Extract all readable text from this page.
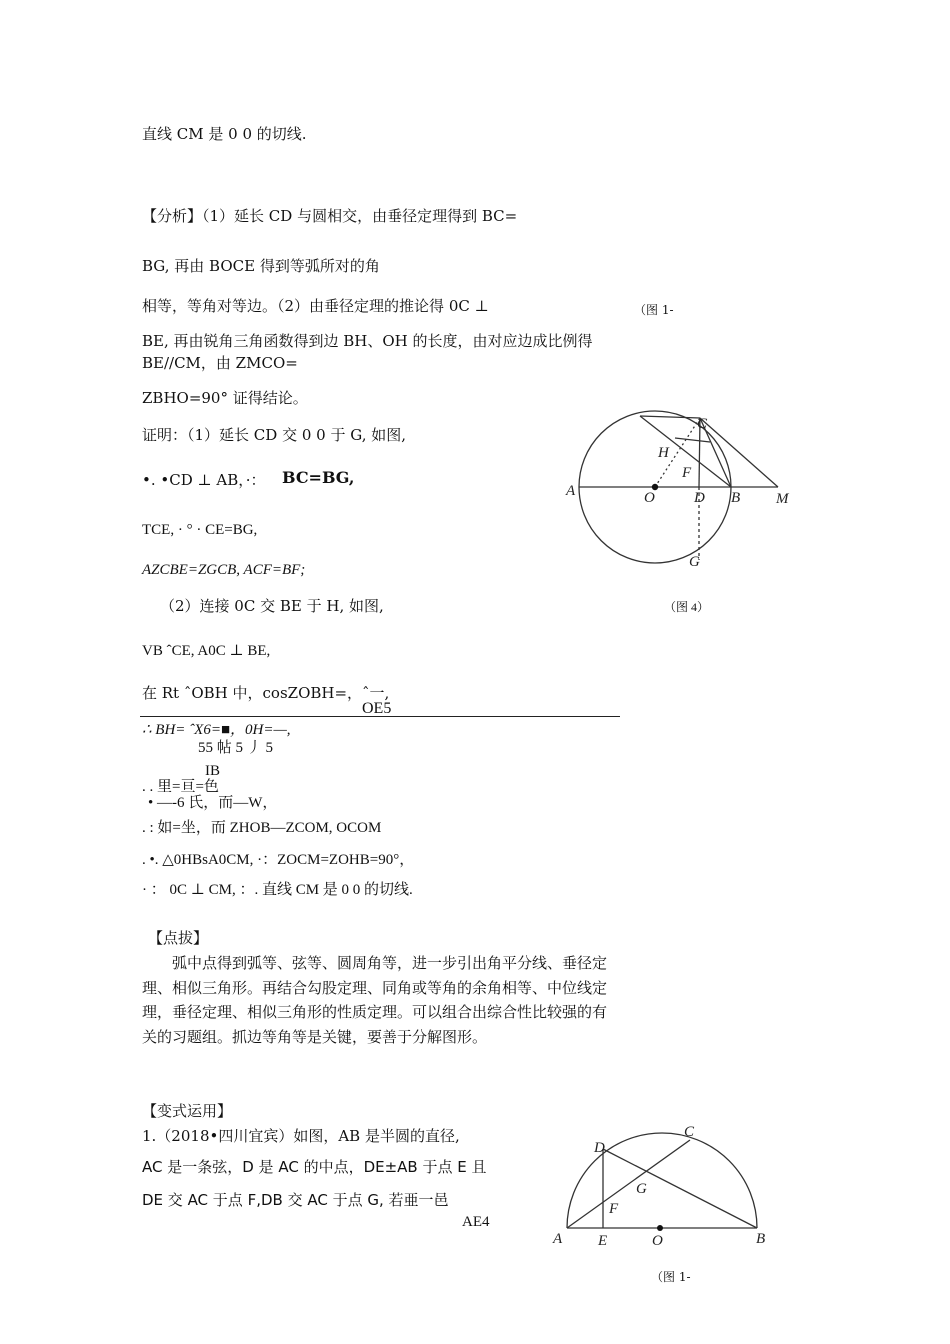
直线 CM 是 0 0 的切线.
【分析】（1）延长 CD 与圆相交，由垂径定理得到 BC=
BG, 再由 BOCE 得到等弧所对的角
相等，等角对等边。（2）由垂径定理的推论得 0C ⊥	（图 1-
BE, 再由锐角三角函数得到边 BH、OH 的长度，由对应边成比例得
BE//CM，由 ZMCO=
ZBHO=90° 证得结论。
证明：（1）延长 CD 交 0 0 于 G, 如图,
•. •CD ⊥ AB，·： BC=BG,
TCE, · ° · CE=BG,
AZCBE=ZGCB, ACF=BF;
（2）连接 0C 交 BE 于 H, 如图,
VB ˆCE, A0C ⊥ BE,
在 Rt ˆOBH 中，cosZOBH=，ˆ一,
OE5
∴ BH= ˆX6=■，0H=—,
55 帖 5 丿 5
IB
. . 里=亘=色
• —-6 氏，而—W，
. : 如=坐，而 ZHOB—ZCOM, OCOM
. •. △0HBsA0CM, ·：ZOCM=ZOHB=90°，
· ： 0C ⊥ CM, ：. 直线 CM 是 0 0 的切线.
【点拔】
弧中点得到弧等、弦等、圆周角等，进一步引出角平分线、垂径定理、相似三角形。再结合勾股定理、同角或等角的余角相等、中位线定理，垂径定理、相似三角形的性质定理。可以组合出综合性比较强的有关的习题组。抓边等角等是关键，要善于分解图形。
【变式运用】
1.（2018•四川宜宾）如图，AB 是半圆的直径,
AC 是一条弦，D 是 AC 的中点，DE±AB 于点 E 且
DE 交 AC 于点 F,DB 交 AC 于点 G, 若亜一邑
AE4
A	O	D B M
C
H
F
G
（图 4）
A E	O	B
D
C
F
G
（图 1-
